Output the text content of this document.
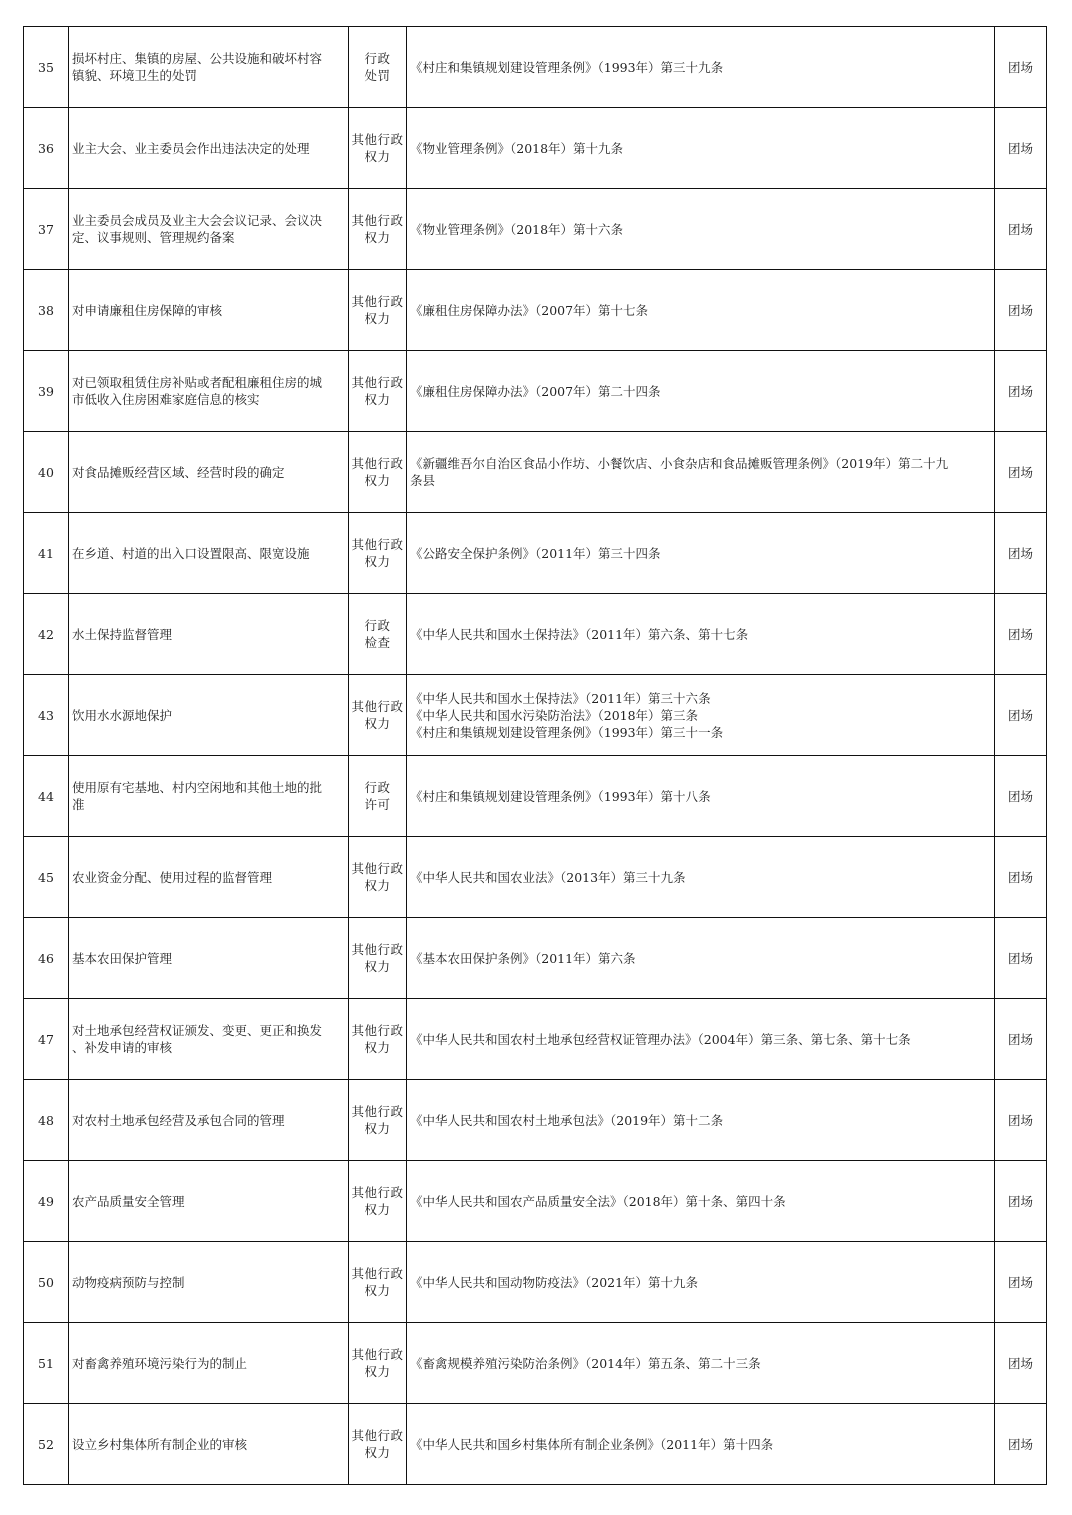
35	损坏村庄、集镇的房屋、公共设施和破坏村容
镇貌、环境卫生的处罚	行政
处罚	《村庄和集镇规划建设管理条例》（1993年）第三十九条	团场
36	业主大会、业主委员会作出违法决定的处理	其他行政
权力	《物业管理条例》（2018年）第十九条	团场
37	业主委员会成员及业主大会会议记录、会议决
定、议事规则、管理规约备案	其他行政
权力	《物业管理条例》（2018年）第十六条	团场
38	对申请廉租住房保障的审核	其他行政
权力	《廉租住房保障办法》（2007年）第十七条	团场
39	对已领取租赁住房补贴或者配租廉租住房的城
市低收入住房困难家庭信息的核实	其他行政
权力	《廉租住房保障办法》（2007年）第二十四条	团场
40	对食品摊贩经营区域、经营时段的确定	其他行政
权力	《新疆维吾尔自治区食品小作坊、小餐饮店、小食杂店和食品摊贩管理条例》（2019年）第二十九
条县	团场
41	在乡道、村道的出入口设置限高、限宽设施	其他行政
权力	《公路安全保护条例》（2011年）第三十四条	团场
42	水土保持监督管理	行政
检查	《中华人民共和国水土保持法》（2011年）第六条、第十七条	团场
43	饮用水水源地保护	其他行政
权力	《中华人民共和国水土保持法》（2011年）第三十六条
《中华人民共和国水污染防治法》（2018年）第三条
《村庄和集镇规划建设管理条例》（1993年）第三十一条	团场
44	使用原有宅基地、村内空闲地和其他土地的批
准	行政
许可	《村庄和集镇规划建设管理条例》（1993年）第十八条	团场
45	农业资金分配、使用过程的监督管理	其他行政
权力	《中华人民共和国农业法》（2013年）第三十九条	团场
46	基本农田保护管理	其他行政
权力	《基本农田保护条例》（2011年）第六条	团场
47	对土地承包经营权证颁发、变更、更正和换发
、补发申请的审核	其他行政
权力	《中华人民共和国农村土地承包经营权证管理办法》（2004年）第三条、第七条、第十七条	团场
48	对农村土地承包经营及承包合同的管理	其他行政
权力	《中华人民共和国农村土地承包法》（2019年）第十二条	团场
49	农产品质量安全管理	其他行政
权力	《中华人民共和国农产品质量安全法》（2018年）第十条、第四十条	团场
50	动物疫病预防与控制	其他行政
权力	《中华人民共和国动物防疫法》（2021年）第十九条	团场
51	对畜禽养殖环境污染行为的制止	其他行政
权力	《畜禽规模养殖污染防治条例》（2014年）第五条、第二十三条	团场
52	设立乡村集体所有制企业的审核	其他行政
权力	《中华人民共和国乡村集体所有制企业条例》（2011年）第十四条	团场
